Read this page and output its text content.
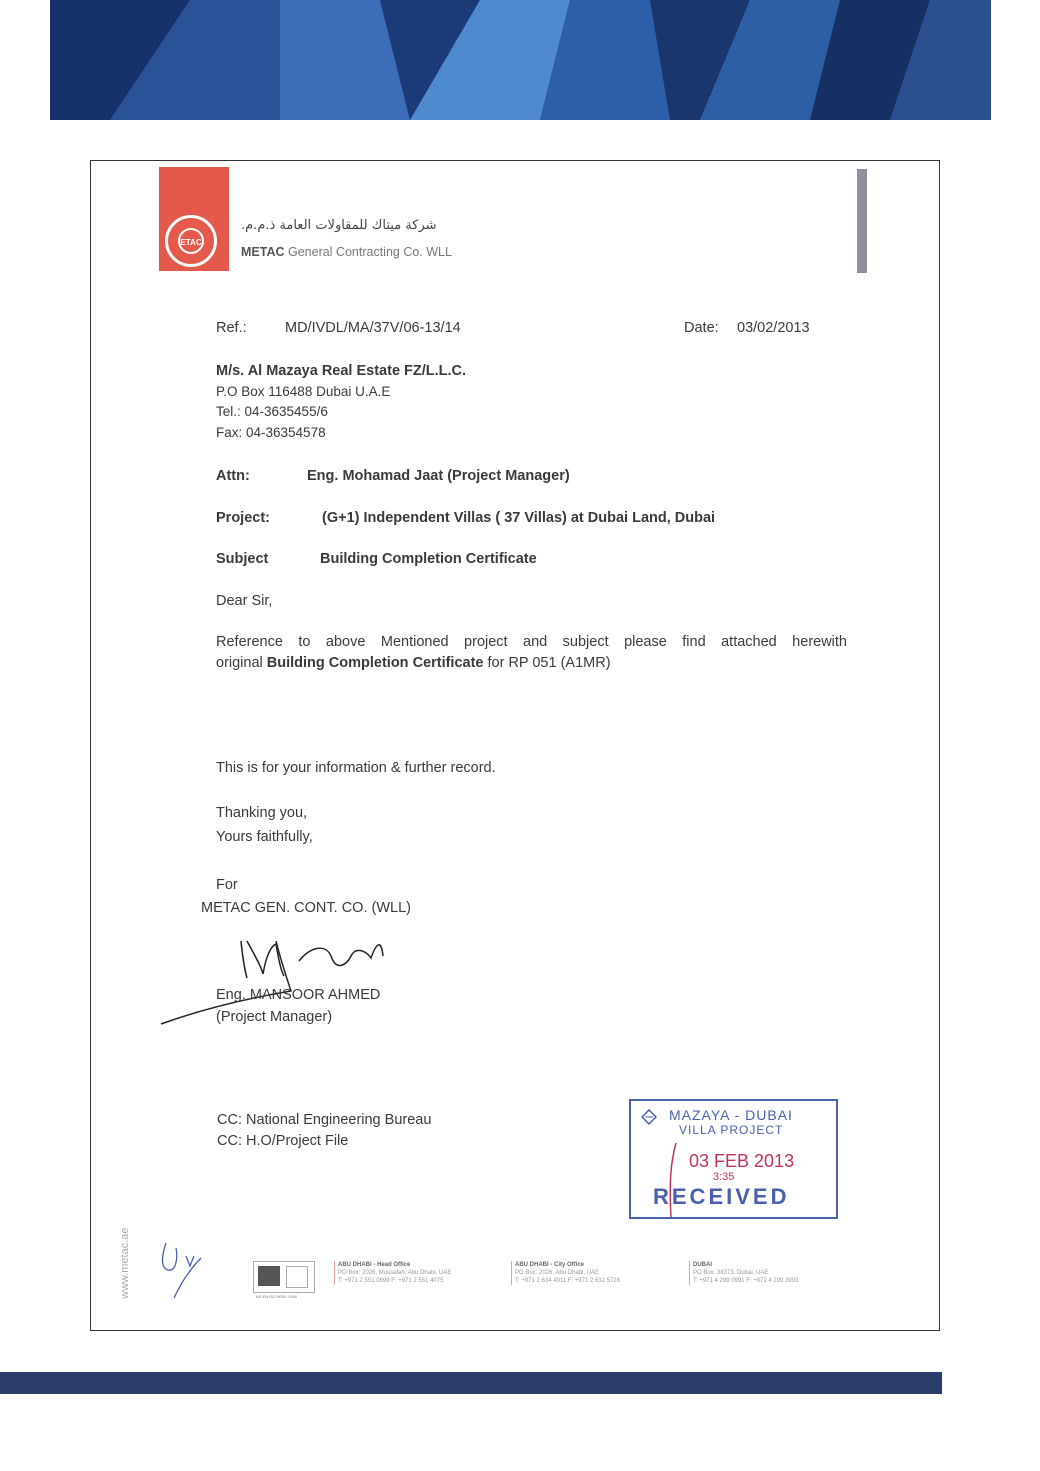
ETAC
شركة ميتاك للمقاولات العامة ذ.م.م.
METAC General Contracting Co. WLL
Ref.:	MD/IVDL/MA/37V/06-13/14	Date: 03/02/2013
M/s. Al Mazaya Real Estate FZ/L.L.C.
P.O Box 116488 Dubai U.A.E
Tel.: 04-3635455/6
Fax: 04-36354578
Attn:	Eng. Mohamad Jaat (Project Manager)
Project:	(G+1) Independent Villas ( 37 Villas) at Dubai Land, Dubai
Subject	Building Completion Certificate
Dear Sir,
Reference to above Mentioned project and subject please find attached herewith
original Building Completion Certificate for RP 051 (A1MR)
This is for your information & further record.
Thanking you,
Yours faithfully,
For
METAC GEN. CONT. CO. (WLL)
Eng. MANSOOR AHMED
(Project Manager)
CC: National Engineering Bureau
CC: H.O/Project File
MAZAYA - DUBAI
VILLA PROJECT
03 FEB 2013
3:35
RECEIVED
www.metac.ae	BS EN ISO 9001: 2000
ABU DHABI - Head Office
PO Box: 2026, Mussafah, Abu Dhabi, UAE
T: +971 2 551 0699 F: +971 2 551 4075
ABU DHABI - City Office
PO Box: 2026, Abu Dhabi, UAE
T: +971 2 634 4911 F: +971 2 632 5728
DUBAI
PO Box: 38373, Dubai, UAE
T: +971 4 299 0991 F: +971 4 299 3993
